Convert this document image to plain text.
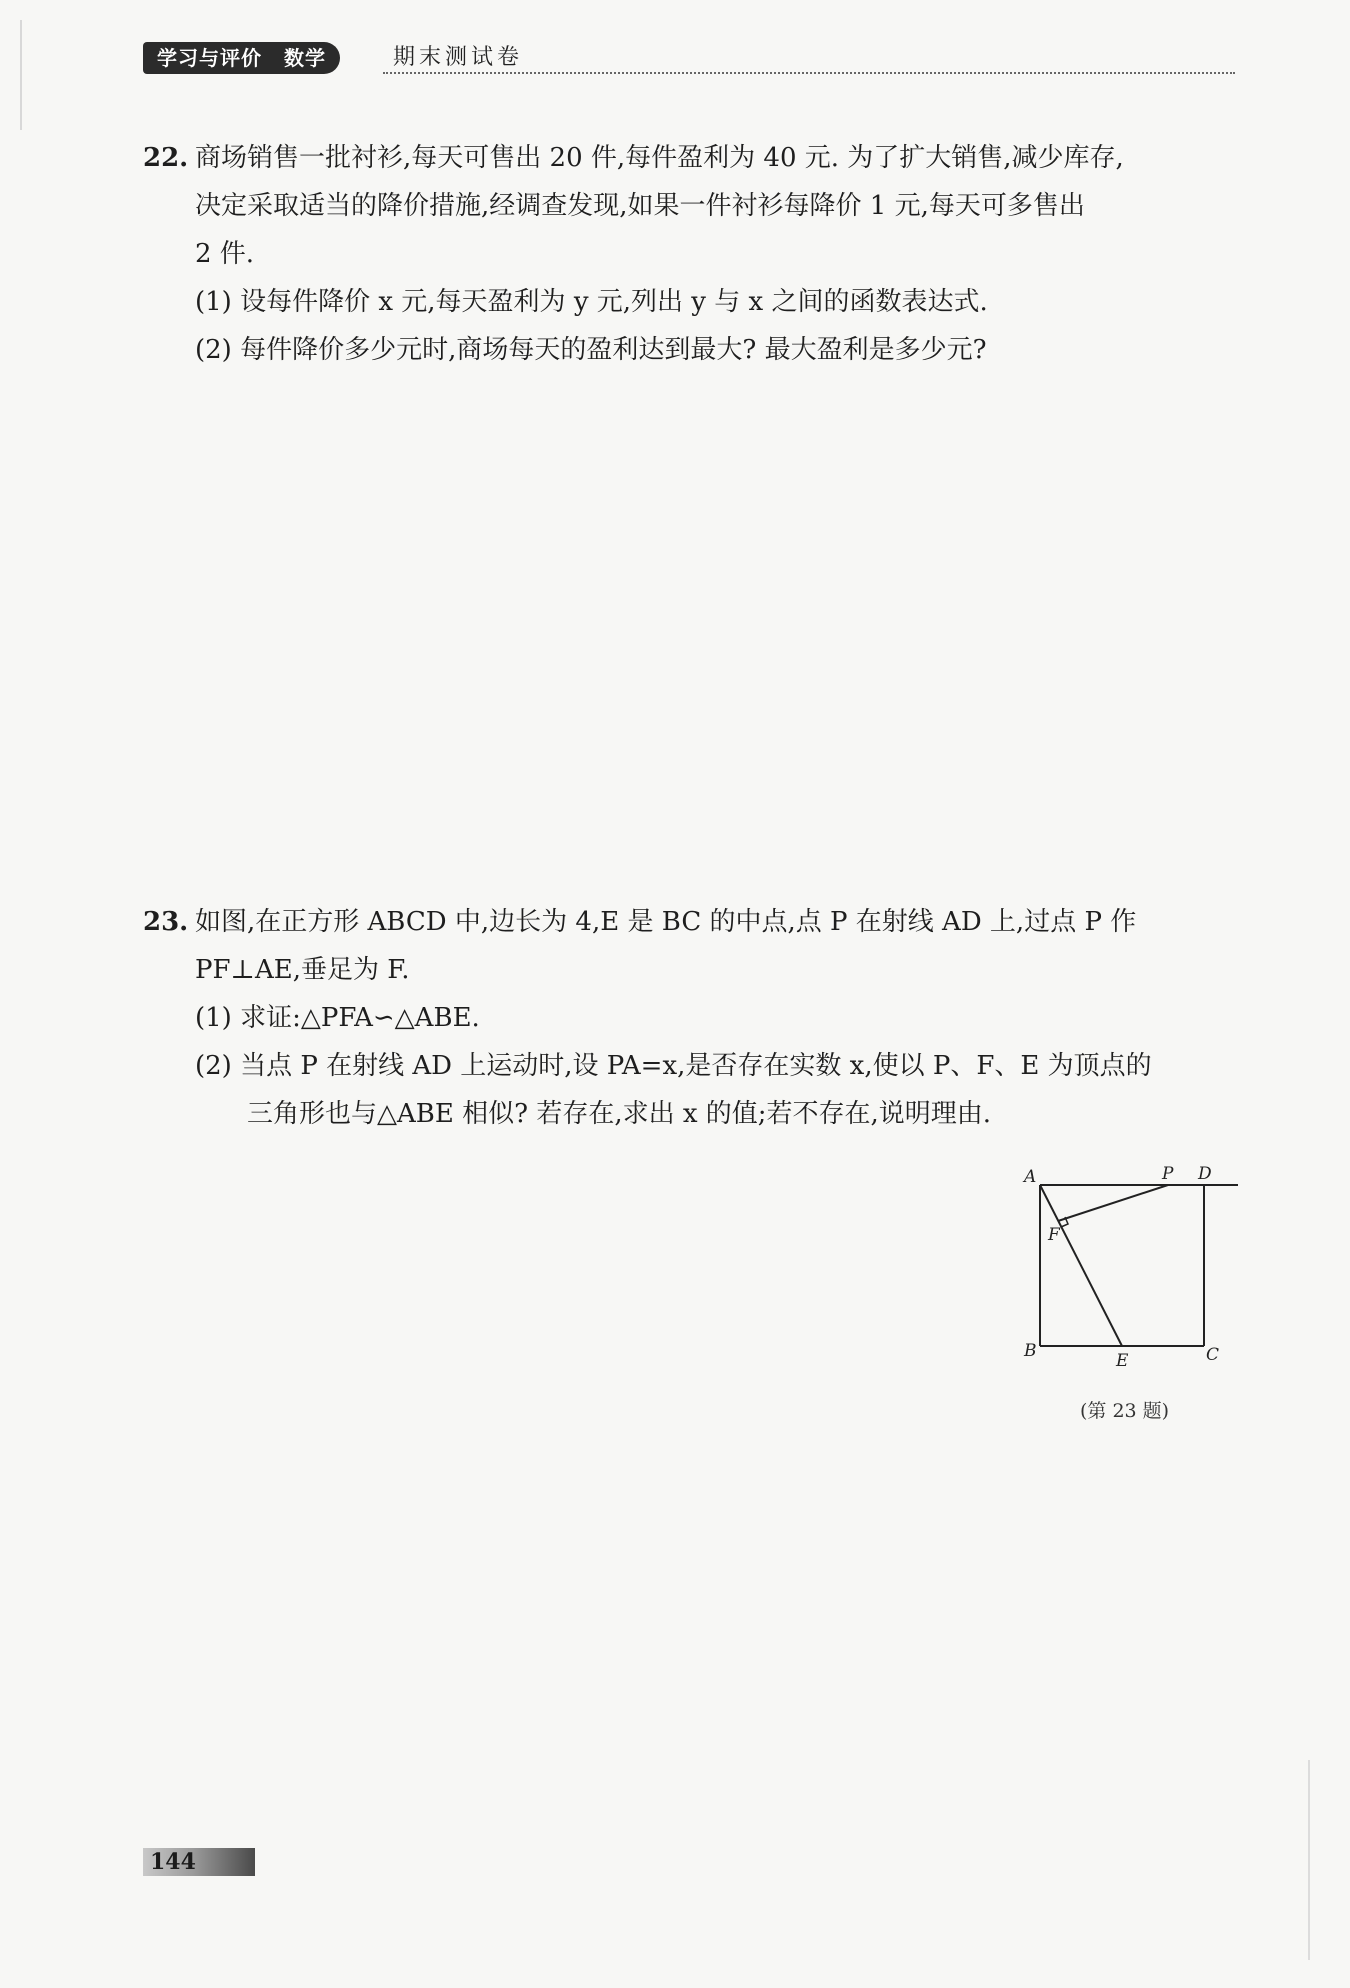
学习与评价 数学	期末测试卷
22. 商场销售一批衬衫,每天可售出 20 件,每件盈利为 40 元. 为了扩大销售,减少库存,
决定采取适当的降价措施,经调查发现,如果一件衬衫每降价 1 元,每天可多售出
2 件.
(1) 设每件降价 x 元,每天盈利为 y 元,列出 y 与 x 之间的函数表达式.
(2) 每件降价多少元时,商场每天的盈利达到最大? 最大盈利是多少元?
23. 如图,在正方形 ABCD 中,边长为 4,E 是 BC 的中点,点 P 在射线 AD 上,过点 P 作
PF⊥AE,垂足为 F.
(1) 求证:△PFA∽△ABE.
(2) 当点 P 在射线 AD 上运动时,设 PA=x,是否存在实数 x,使以 P、F、E 为顶点的
三角形也与△ABE 相似? 若存在,求出 x 的值;若不存在,说明理由.
A	P D
F
B	E	C
(第 23 题)
144
